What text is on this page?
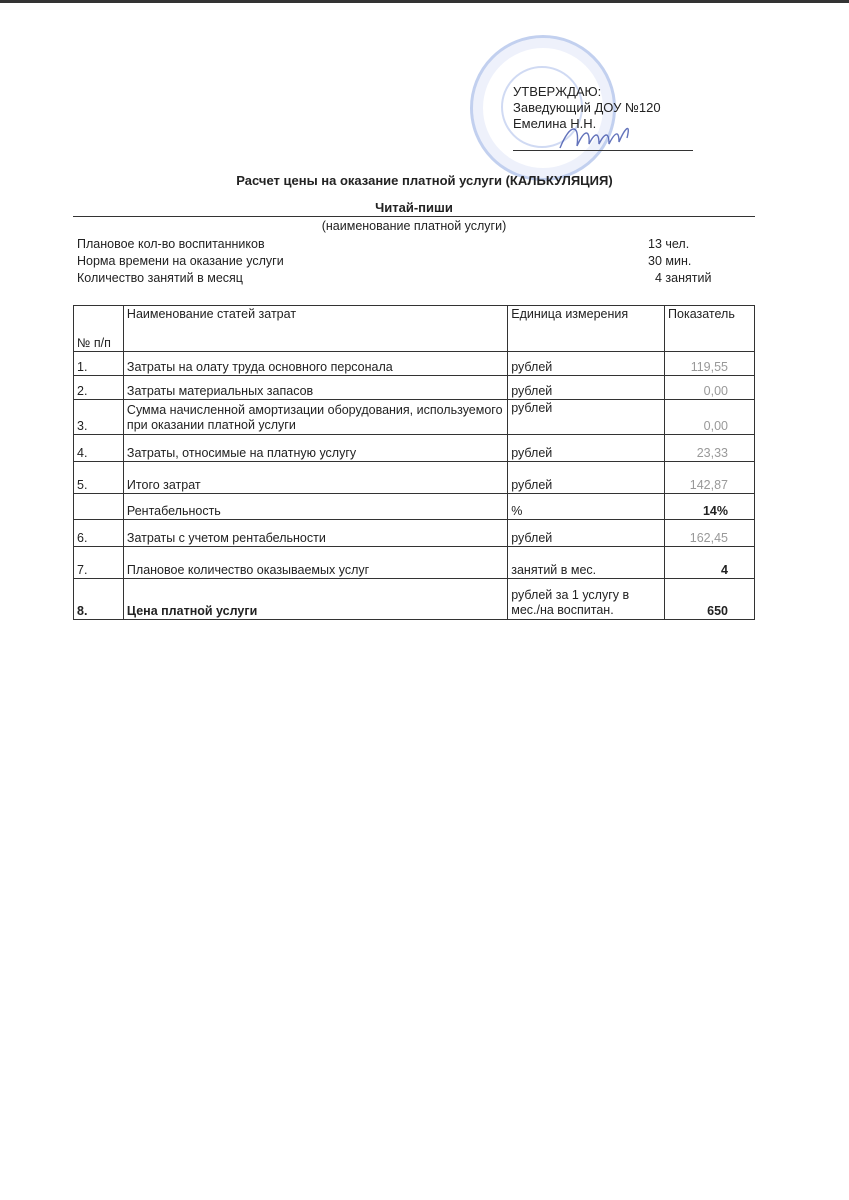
УТВЕРЖДАЮ:
Заведующий ДОУ №120
Емелина Н.Н.
Расчет цены на оказание платной услуги (КАЛЬКУЛЯЦИЯ)
Читай-пиши
(наименование платной услуги)
Плановое кол-во воспитанников	13 чел.
Норма времени на оказание услуги	30 мин.
Количество занятий в месяц	4 занятий
№ п/п	Наименование статей затрат	Единица измерения	Показатель
1.	Затраты на олату труда основного персонала	рублей	119,55
2.	Затраты материальных запасов	рублей	0,00
3.	Сумма начисленной амортизации оборудования, используемого при оказании платной услуги	рублей	0,00
4.	Затраты, относимые на платную услугу	рублей	23,33
5.	Итого затрат	рублей	142,87
	Рентабельность	%	14%
6.	Затраты с учетом рентабельности	рублей	162,45
7.	Плановое количество оказываемых услуг	занятий в мес.	4
8.	Цена платной услуги	рублей за 1 услугу в мес./на воспитан.	650
